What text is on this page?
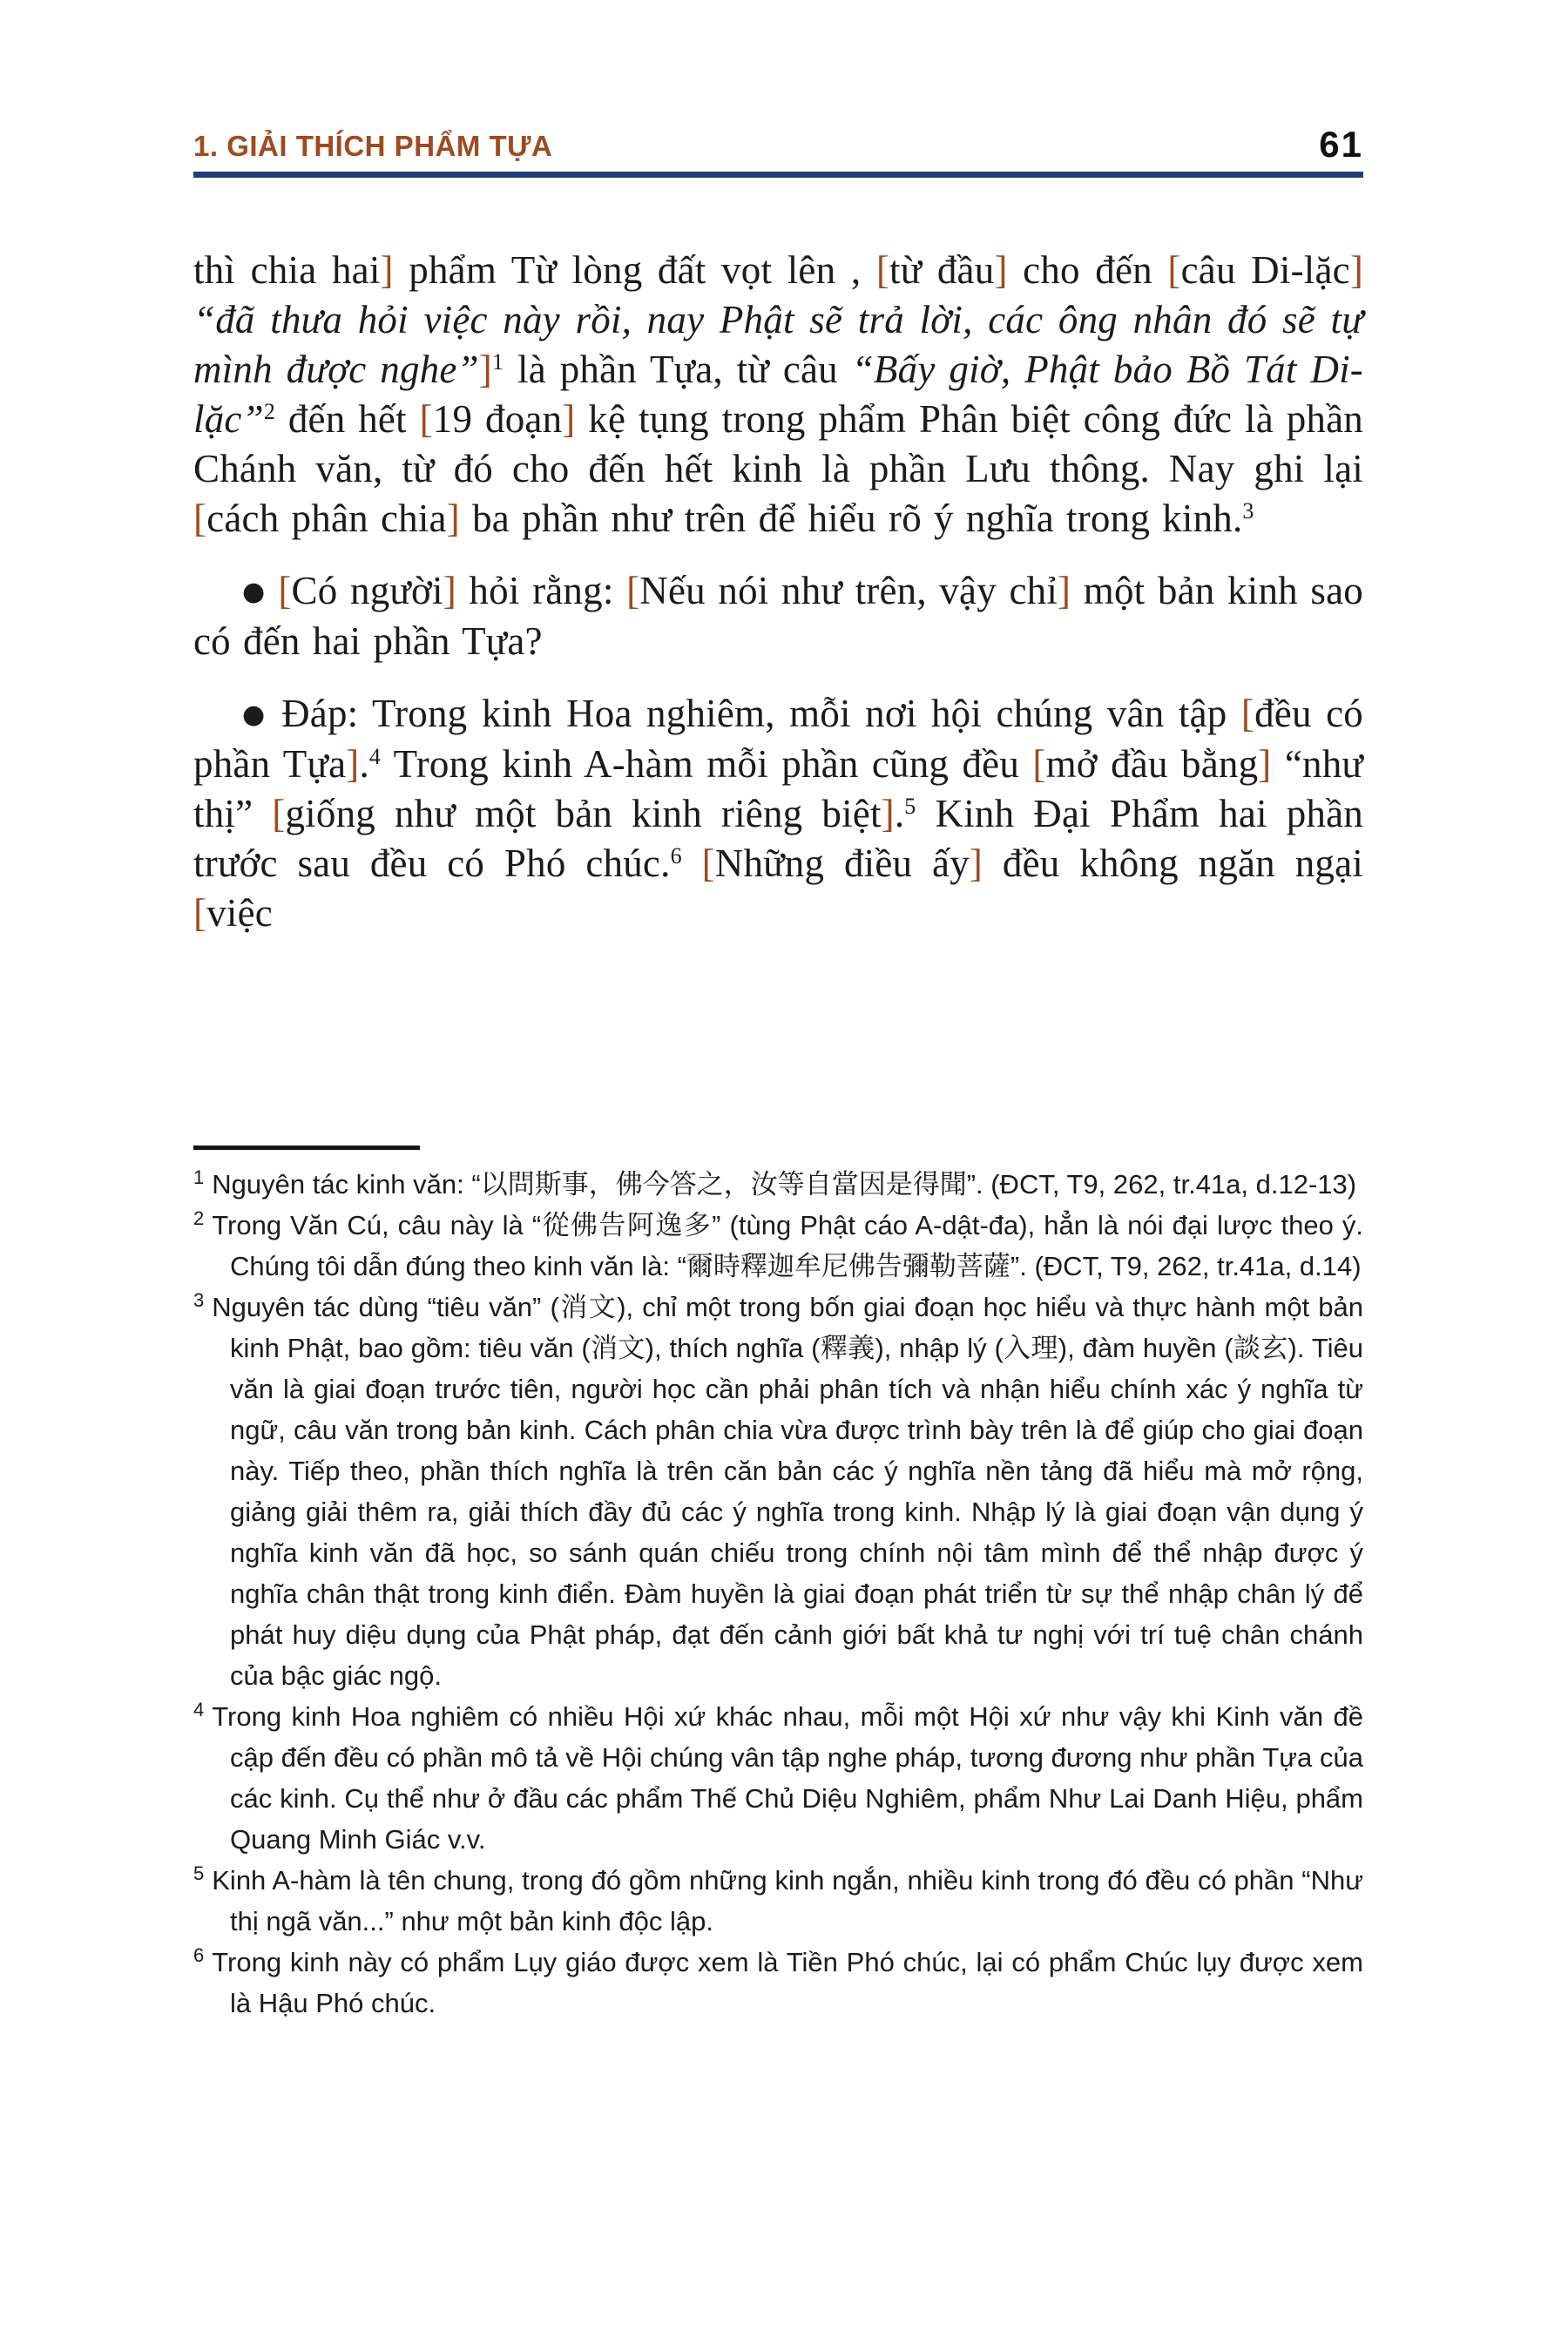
1. GIẢI THÍCH PHẨM TỰA	61

thì chia hai] phẩm Từ lòng đất vọt lên , [từ đầu] cho đến [câu Di-lặc] “đã thưa hỏi việc này rồi, nay Phật sẽ trả lời, các ông nhân đó sẽ tự mình được nghe”]$^1$ là phần Tựa, từ câu “Bấy giờ, Phật bảo Bồ Tát Di-lặc”$^2$ đến hết [19 đoạn] kệ tụng trong phẩm Phân biệt công đức là phần Chánh văn, từ đó cho đến hết kinh là phần Lưu thông. Nay ghi lại [cách phân chia] ba phần như trên để hiểu rõ ý nghĩa trong kinh.$^3$

● [Có người] hỏi rằng: [Nếu nói như trên, vậy chỉ] một bản kinh sao có đến hai phần Tựa?

● Đáp: Trong kinh Hoa nghiêm, mỗi nơi hội chúng vân tập [đều có phần Tựa].$^4$ Trong kinh A-hàm mỗi phần cũng đều [mở đầu bằng] “như thị” [giống như một bản kinh riêng biệt].$^5$ Kinh Đại Phẩm hai phần trước sau đều có Phó chúc.$^6$ [Những điều ấy] đều không ngăn ngại [việc

$^1$ Nguyên tác kinh văn: “以問斯事，佛今答之，汝等自當因是得聞”. (ĐCT, T9, 262, tr.41a, d.12-13)
$^2$ Trong Văn Cú, câu này là “從佛告阿逸多” (tùng Phật cáo A-dật-đa), hẳn là nói đại lược theo ý. Chúng tôi dẫn đúng theo kinh văn là: “爾時釋迦牟尼佛告彌勒菩薩”. (ĐCT, T9, 262, tr.41a, d.14)
$^3$ Nguyên tác dùng “tiêu văn” (消文), chỉ một trong bốn giai đoạn học hiểu và thực hành một bản kinh Phật, bao gồm: tiêu văn (消文), thích nghĩa (釋義), nhập lý (入理), đàm huyền (談玄). Tiêu văn là giai đoạn trước tiên, người học cần phải phân tích và nhận hiểu chính xác ý nghĩa từ ngữ, câu văn trong bản kinh. Cách phân chia vừa được trình bày trên là để giúp cho giai đoạn này. Tiếp theo, phần thích nghĩa là trên căn bản các ý nghĩa nền tảng đã hiểu mà mở rộng, giảng giải thêm ra, giải thích đầy đủ các ý nghĩa trong kinh. Nhập lý là giai đoạn vận dụng ý nghĩa kinh văn đã học, so sánh quán chiếu trong chính nội tâm mình để thể nhập được ý nghĩa chân thật trong kinh điển. Đàm huyền là giai đoạn phát triển từ sự thể nhập chân lý để phát huy diệu dụng của Phật pháp, đạt đến cảnh giới bất khả tư nghị với trí tuệ chân chánh của bậc giác ngộ.
$^4$ Trong kinh Hoa nghiêm có nhiều Hội xứ khác nhau, mỗi một Hội xứ như vậy khi Kinh văn đề cập đến đều có phần mô tả về Hội chúng vân tập nghe pháp, tương đương như phần Tựa của các kinh. Cụ thể như ở đầu các phẩm Thế Chủ Diệu Nghiêm, phẩm Như Lai Danh Hiệu, phẩm Quang Minh Giác v.v.
$^5$ Kinh A-hàm là tên chung, trong đó gồm những kinh ngắn, nhiều kinh trong đó đều có phần “Như thị ngã văn...” như một bản kinh độc lập.
$^6$ Trong kinh này có phẩm Lụy giáo được xem là Tiền Phó chúc, lại có phẩm Chúc lụy được xem là Hậu Phó chúc.
